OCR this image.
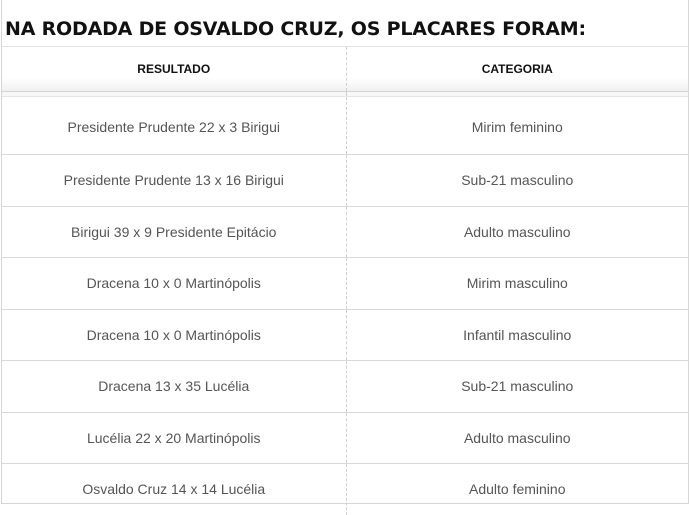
NA RODADA DE OSVALDO CRUZ, OS PLACARES FORAM:
RESULTADO	CATEGORIA

Presidente Prudente 22 x 3 Birigui	Mirim feminino
Presidente Prudente 13 x 16 Birigui	Sub-21 masculino
Birigui 39 x 9 Presidente Epitácio	Adulto masculino
Dracena 10 x 0 Martinópolis	Mirim masculino
Dracena 10 x 0 Martinópolis	Infantil masculino
Dracena 13 x 35 Lucélia	Sub-21 masculino
Lucélia 22 x 20 Martinópolis	Adulto masculino
Osvaldo Cruz 14 x 14 Lucélia	Adulto feminino
